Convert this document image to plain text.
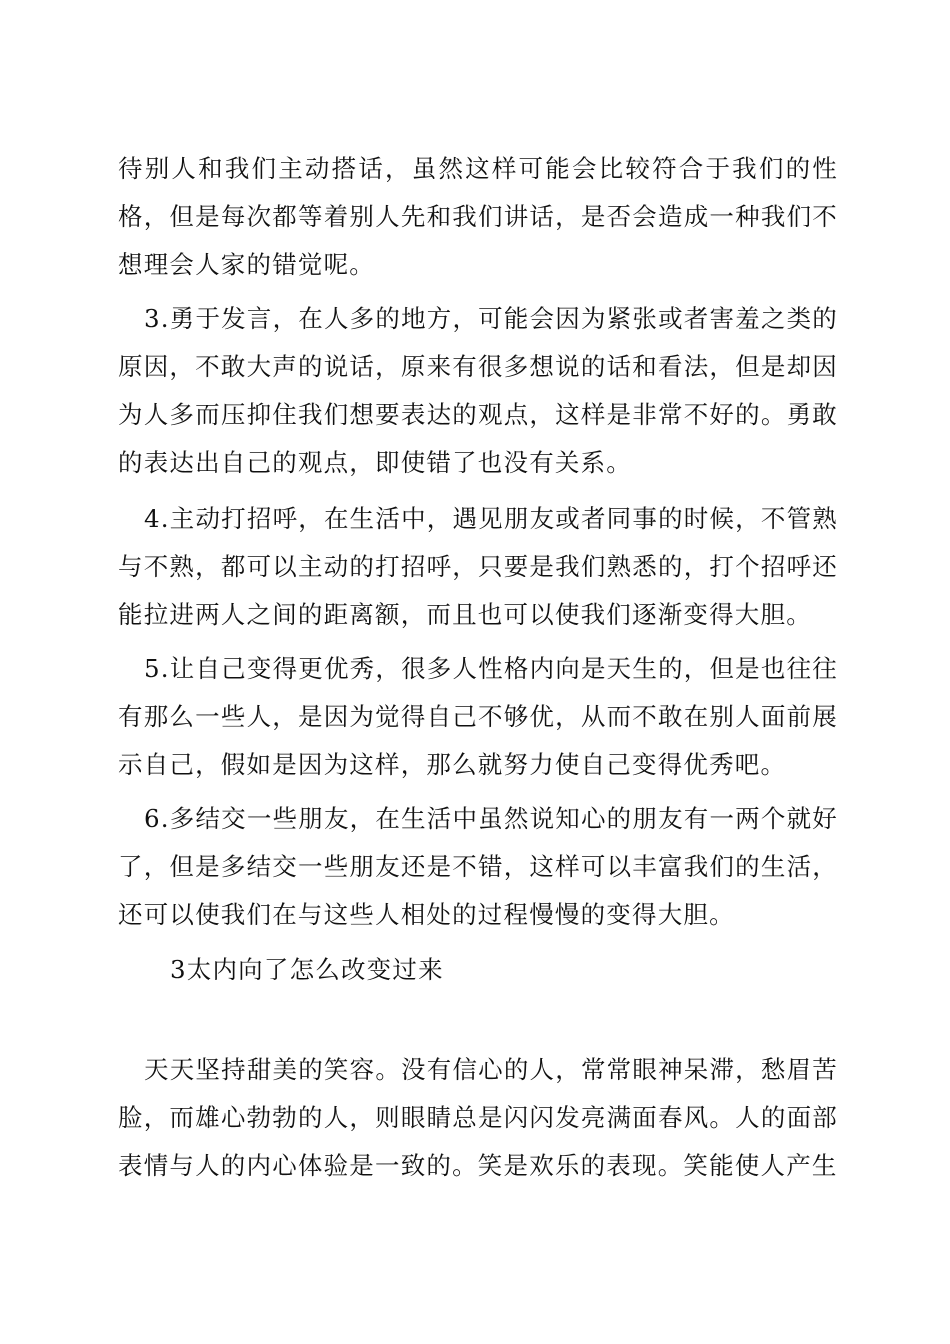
待别人和我们主动搭话，虽然这样可能会比较符合于我们的性格，但是每次都等着别人先和我们讲话，是否会造成一种我们不想理会人家的错觉呢。

3.勇于发言，在人多的地方，可能会因为紧张或者害羞之类的原因，不敢大声的说话，原来有很多想说的话和看法，但是却因为人多而压抑住我们想要表达的观点，这样是非常不好的。勇敢的表达出自己的观点，即使错了也没有关系。

4.主动打招呼，在生活中，遇见朋友或者同事的时候，不管熟与不熟，都可以主动的打招呼，只要是我们熟悉的，打个招呼还能拉进两人之间的距离额，而且也可以使我们逐渐变得大胆。

5.让自己变得更优秀，很多人性格内向是天生的，但是也往往有那么一些人，是因为觉得自己不够优，从而不敢在别人面前展示自己，假如是因为这样，那么就努力使自己变得优秀吧。

6.多结交一些朋友，在生活中虽然说知心的朋友有一两个就好了，但是多结交一些朋友还是不错，这样可以丰富我们的生活，还可以使我们在与这些人相处的过程慢慢的变得大胆。

3太内向了怎么改变过来

天天坚持甜美的笑容。没有信心的人，常常眼神呆滞，愁眉苦脸，而雄心勃勃的人，则眼睛总是闪闪发亮满面春风。人的面部表情与人的内心体验是一致的。笑是欢乐的表现。笑能使人产生
